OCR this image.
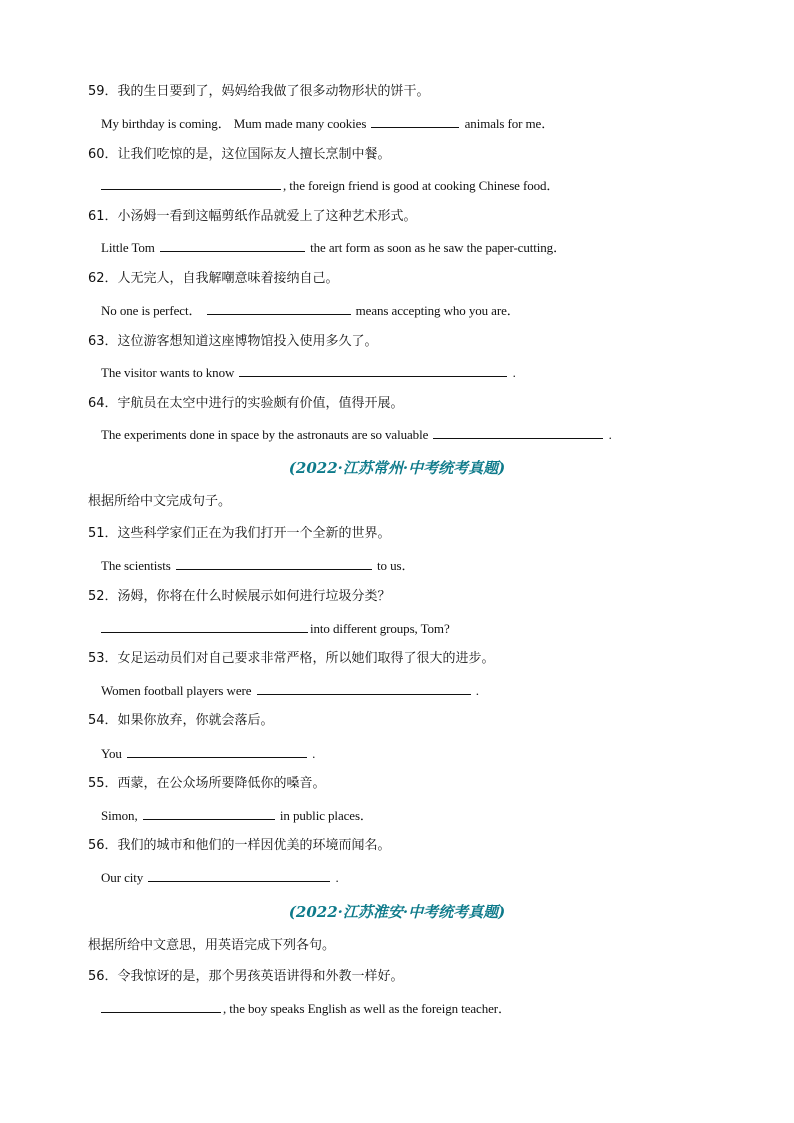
59．我的生日要到了，妈妈给我做了很多动物形状的饼干。
My birthday is coming． Mum made many cookies	animals for me．
60．让我们吃惊的是，这位国际友人擅长烹制中餐。
, the foreign friend is good at cooking Chinese food．
61．小汤姆一看到这幅剪纸作品就爱上了这种艺术形式。
Little Tom	the art form as soon as he saw the paper-cutting．
62．人无完人，自我解嘲意味着接纳自己。
No one is perfect．	means accepting who you are．
63．这位游客想知道这座博物馆投入使用多久了。
The visitor wants to know	.
64．宇航员在太空中进行的实验颇有价值，值得开展。
The experiments done in space by the astronauts are so valuable	.
(2022·江苏常州·中考统考真题)
根据所给中文完成句子。
51．这些科学家们正在为我们打开一个全新的世界。
The scientists	to us．
52．汤姆，你将在什么时候展示如何进行垃圾分类？
into different groups, Tom?
53．女足运动员们对自己要求非常严格，所以她们取得了很大的进步。
Women football players were	.
54．如果你放弃，你就会落后。
You	.
55．西蒙，在公众场所要降低你的嗓音。
Simon,	in public places．
56．我们的城市和他们的一样因优美的环境而闻名。
Our city	.
(2022·江苏淮安·中考统考真题)
根据所给中文意思，用英语完成下列各句。
56．令我惊讶的是，那个男孩英语讲得和外教一样好。
, the boy speaks English as well as the foreign teacher．
